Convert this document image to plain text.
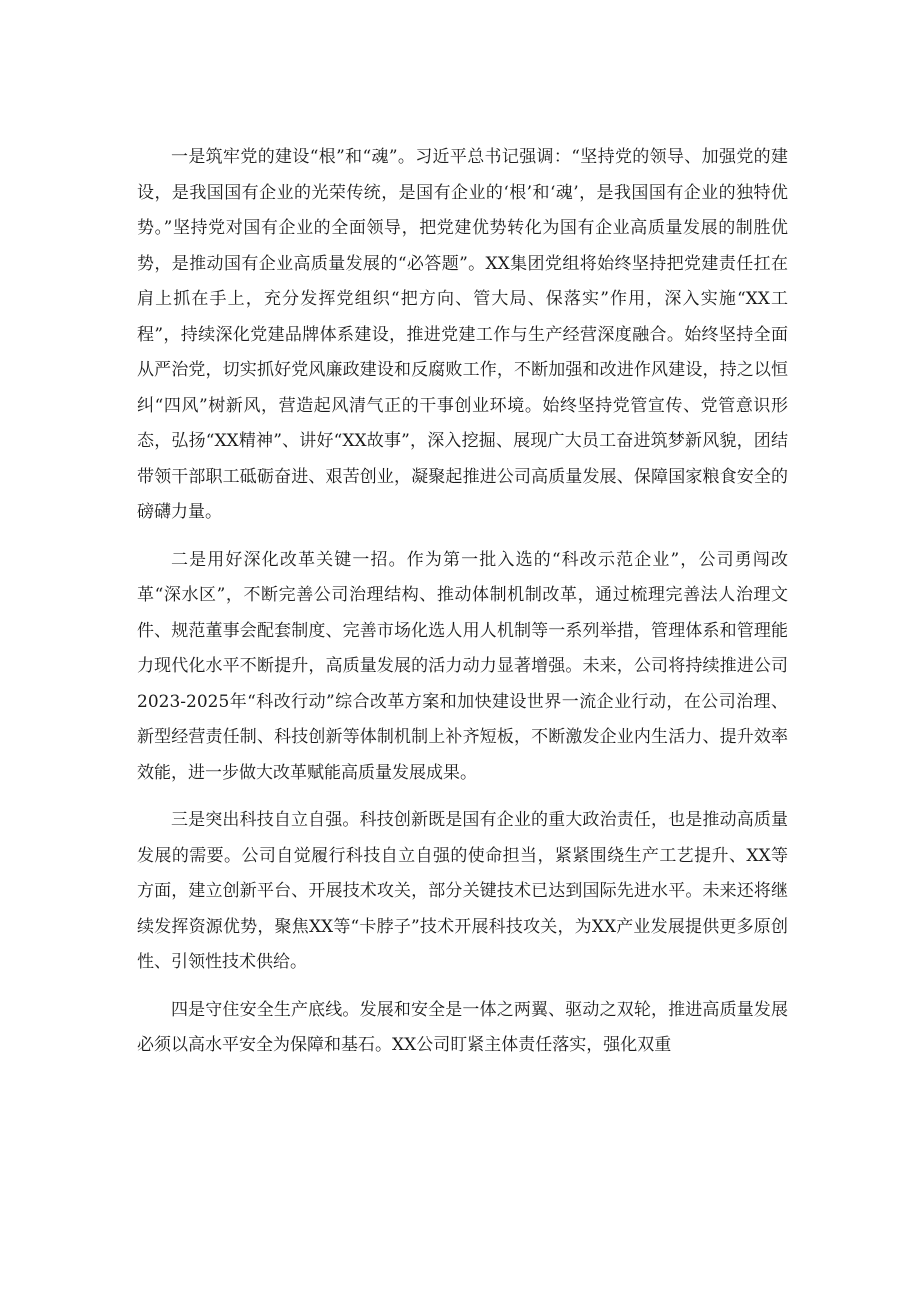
一是筑牢党的建设“根”和“魂”。习近平总书记强调：“坚持党的领导、加强党的建设，是我国国有企业的光荣传统，是国有企业的‘根’和‘魂’，是我国国有企业的独特优势。”坚持党对国有企业的全面领导，把党建优势转化为国有企业高质量发展的制胜优势，是推动国有企业高质量发展的“必答题”。XX集团党组将始终坚持把党建责任扛在肩上抓在手上，充分发挥党组织“把方向、管大局、保落实”作用，深入实施“XX工程”，持续深化党建品牌体系建设，推进党建工作与生产经营深度融合。始终坚持全面从严治党，切实抓好党风廉政建设和反腐败工作，不断加强和改进作风建设，持之以恒纠“四风”树新风，营造起风清气正的干事创业环境。始终坚持党管宣传、党管意识形态，弘扬“XX精神”、讲好“XX故事”，深入挖掘、展现广大员工奋进筑梦新风貌，团结带领干部职工砥砺奋进、艰苦创业，凝聚起推进公司高质量发展、保障国家粮食安全的磅礴力量。

二是用好深化改革关键一招。作为第一批入选的“科改示范企业”，公司勇闯改革“深水区”，不断完善公司治理结构、推动体制机制改革，通过梳理完善法人治理文件、规范董事会配套制度、完善市场化选人用人机制等一系列举措，管理体系和管理能力现代化水平不断提升，高质量发展的活力动力显著增强。未来，公司将持续推进公司2023-2025年“科改行动”综合改革方案和加快建设世界一流企业行动，在公司治理、新型经营责任制、科技创新等体制机制上补齐短板，不断激发企业内生活力、提升效率效能，进一步做大改革赋能高质量发展成果。

三是突出科技自立自强。科技创新既是国有企业的重大政治责任，也是推动高质量发展的需要。公司自觉履行科技自立自强的使命担当，紧紧围绕生产工艺提升、XX等方面，建立创新平台、开展技术攻关，部分关键技术已达到国际先进水平。未来还将继续发挥资源优势，聚焦XX等“卡脖子”技术开展科技攻关，为XX产业发展提供更多原创性、引领性技术供给。

四是守住安全生产底线。发展和安全是一体之两翼、驱动之双轮，推进高质量发展必须以高水平安全为保障和基石。XX公司盯紧主体责任落实，强化双重
